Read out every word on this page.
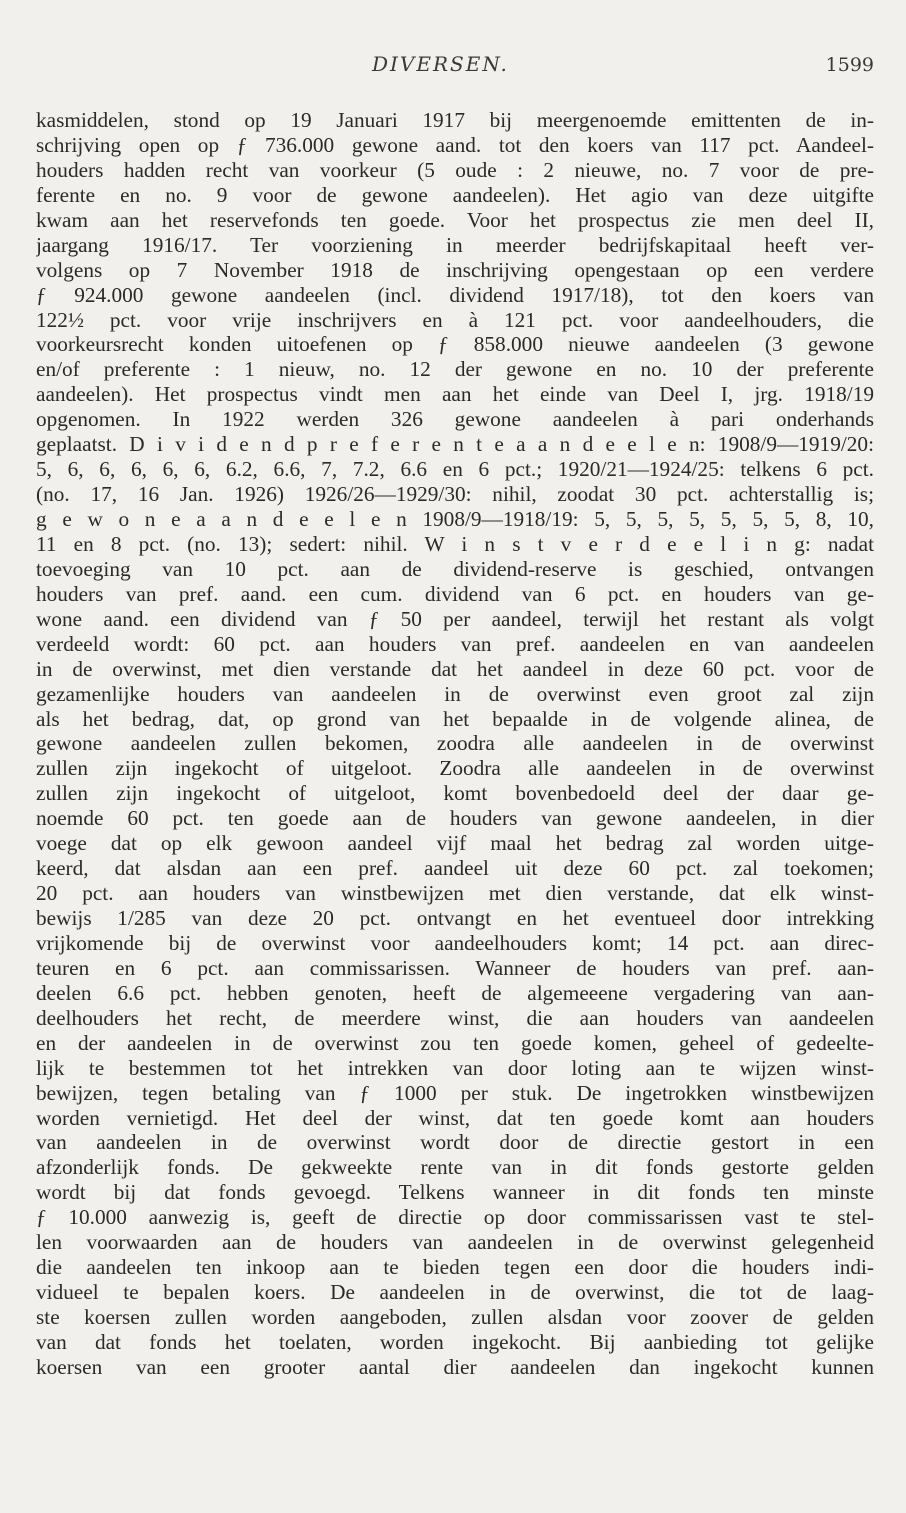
DIVERSEN.	1599
kasmiddelen, stond op 19 Januari 1917 bij meergenoemde emittenten de in-
schrijving open op ƒ 736.000 gewone aand. tot den koers van 117 pct. Aandeel-
houders hadden recht van voorkeur (5 oude : 2 nieuwe, no. 7 voor de pre-
ferente en no. 9 voor de gewone aandeelen). Het agio van deze uitgifte
kwam aan het reservefonds ten goede. Voor het prospectus zie men deel II,
jaargang 1916/17. Ter voorziening in meerder bedrijfskapitaal heeft ver-
volgens op 7 November 1918 de inschrijving opengestaan op een verdere
ƒ 924.000 gewone aandeelen (incl. dividend 1917/18), tot den koers van
122½ pct. voor vrije inschrijvers en à 121 pct. voor aandeelhouders, die
voorkeursrecht konden uitoefenen op ƒ 858.000 nieuwe aandeelen (3 gewone
en/of preferente : 1 nieuw, no. 12 der gewone en no. 10 der preferente
aandeelen). Het prospectus vindt men aan het einde van Deel I, jrg. 1918/19
opgenomen. In 1922 werden 326 gewone aandeelen à pari onderhands
geplaatst. D i v i d e n d p r e f e r e n t e a a n d e e l e n: 1908/9—1919/20:
5, 6, 6, 6, 6, 6, 6.2, 6.6, 7, 7.2, 6.6 en 6 pct.; 1920/21—1924/25: telkens 6 pct.
(no. 17, 16 Jan. 1926) 1926/26—1929/30: nihil, zoodat 30 pct. achterstallig is;
g e w o n e a a n d e e l e n 1908/9—1918/19: 5, 5, 5, 5, 5, 5, 5, 8, 10,
11 en 8 pct. (no. 13); sedert: nihil. W i n s t v e r d e e l i n g: nadat
toevoeging van 10 pct. aan de dividend-reserve is geschied, ontvangen
houders van pref. aand. een cum. dividend van 6 pct. en houders van ge-
wone aand. een dividend van ƒ 50 per aandeel, terwijl het restant als volgt
verdeeld wordt: 60 pct. aan houders van pref. aandeelen en van aandeelen
in de overwinst, met dien verstande dat het aandeel in deze 60 pct. voor de
gezamenlijke houders van aandeelen in de overwinst even groot zal zijn
als het bedrag, dat, op grond van het bepaalde in de volgende alinea, de
gewone aandeelen zullen bekomen, zoodra alle aandeelen in de overwinst
zullen zijn ingekocht of uitgeloot. Zoodra alle aandeelen in de overwinst
zullen zijn ingekocht of uitgeloot, komt bovenbedoeld deel der daar ge-
noemde 60 pct. ten goede aan de houders van gewone aandeelen, in dier
voege dat op elk gewoon aandeel vijf maal het bedrag zal worden uitge-
keerd, dat alsdan aan een pref. aandeel uit deze 60 pct. zal toekomen;
20 pct. aan houders van winstbewijzen met dien verstande, dat elk winst-
bewijs 1/285 van deze 20 pct. ontvangt en het eventueel door intrekking
vrijkomende bij de overwinst voor aandeelhouders komt; 14 pct. aan direc-
teuren en 6 pct. aan commissarissen. Wanneer de houders van pref. aan-
deelen 6.6 pct. hebben genoten, heeft de algemeeene vergadering van aan-
deelhouders het recht, de meerdere winst, die aan houders van aandeelen
en der aandeelen in de overwinst zou ten goede komen, geheel of gedeelte-
lijk te bestemmen tot het intrekken van door loting aan te wijzen winst-
bewijzen, tegen betaling van ƒ 1000 per stuk. De ingetrokken winstbewijzen
worden vernietigd. Het deel der winst, dat ten goede komt aan houders
van aandeelen in de overwinst wordt door de directie gestort in een
afzonderlijk fonds. De gekweekte rente van in dit fonds gestorte gelden
wordt bij dat fonds gevoegd. Telkens wanneer in dit fonds ten minste
ƒ 10.000 aanwezig is, geeft de directie op door commissarissen vast te stel-
len voorwaarden aan de houders van aandeelen in de overwinst gelegenheid
die aandeelen ten inkoop aan te bieden tegen een door die houders indi-
vidueel te bepalen koers. De aandeelen in de overwinst, die tot de laag-
ste koersen zullen worden aangeboden, zullen alsdan voor zoover de gelden
van dat fonds het toelaten, worden ingekocht. Bij aanbieding tot gelijke
koersen van een grooter aantal dier aandeelen dan ingekocht kunnen
